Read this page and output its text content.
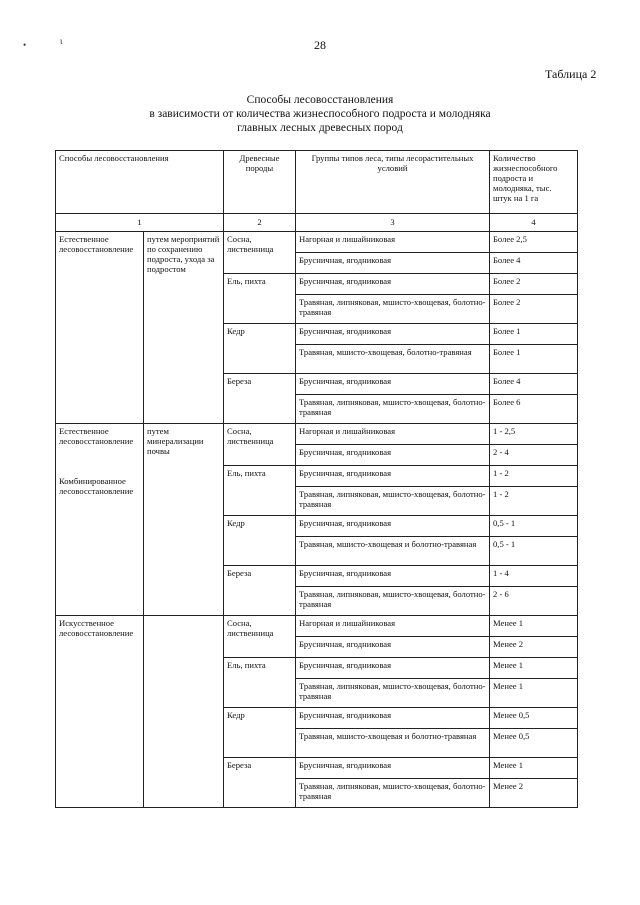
•	ι	28
Таблица 2
Способы лесовосстановления
в зависимости от количества жизнеспособного подроста и молодняка
главных лесных древесных пород
Способы лесовосстановления		Древесные породы	Группы типов леса, типы лесорастительных условий	Количество
жизнеспособного
подроста и
молодняка, тыс.
штук на 1 га

1		2	3	4

Естественное лесовосстановление	путем мероприятий по сохранению подроста, ухода за подростом	Сосна, лиственница	Нагорная и лишайниковая	Более 2,5
			Брусничная, ягодниковая	Более 4
		Ель, пихта	Брусничная, ягодниковая	Более 2
			Травяная, липняковая, мшисто-хвощевая, болотно-травяная	Более 2
		Кедр	Брусничная, ягодниковая	Более 1
			Травяная, мшисто-хвощевая, болотно-травяная	Более 1
		Береза	Брусничная, ягодниковая	Более 4
			Травяная, липняковая, мшисто-хвощевая, болотно-травяная	Более 6

Естественное лесовосстановление
Комбинированное лесовосстановление	путем минерализации почвы	Сосна, лиственница	Нагорная и лишайниковая	1 - 2,5
			Брусничная, ягодниковая	2 - 4
		Ель, пихта	Брусничная, ягодниковая	1 - 2
			Травяная, липняковая, мшисто-хвощевая, болотно-травяная	1 - 2
		Кедр	Брусничная, ягодниковая	0,5 - 1
			Травяная, мшисто-хвощевая и болотно-травяная	0,5 - 1
		Береза	Брусничная, ягодниковая	1 - 4
			Травяная, липняковая, мшисто-хвощевая, болотно-травяная	2 - 6

Искусственное лесовосстановление		Сосна, лиственница	Нагорная и лишайниковая	Менее 1
			Брусничная, ягодниковая	Менее 2
		Ель, пихта	Брусничная, ягодниковая	Менее 1
			Травяная, липняковая, мшисто-хвощевая, болотно-травяная	Менее 1
		Кедр	Брусничная, ягодниковая	Менее 0,5
			Травяная, мшисто-хвощевая и болотно-травяная	Менее 0,5
		Береза	Брусничная, ягодниковая	Менее 1
			Травяная, липняковая, мшисто-хвощевая, болотно-травяная	Менее 2
